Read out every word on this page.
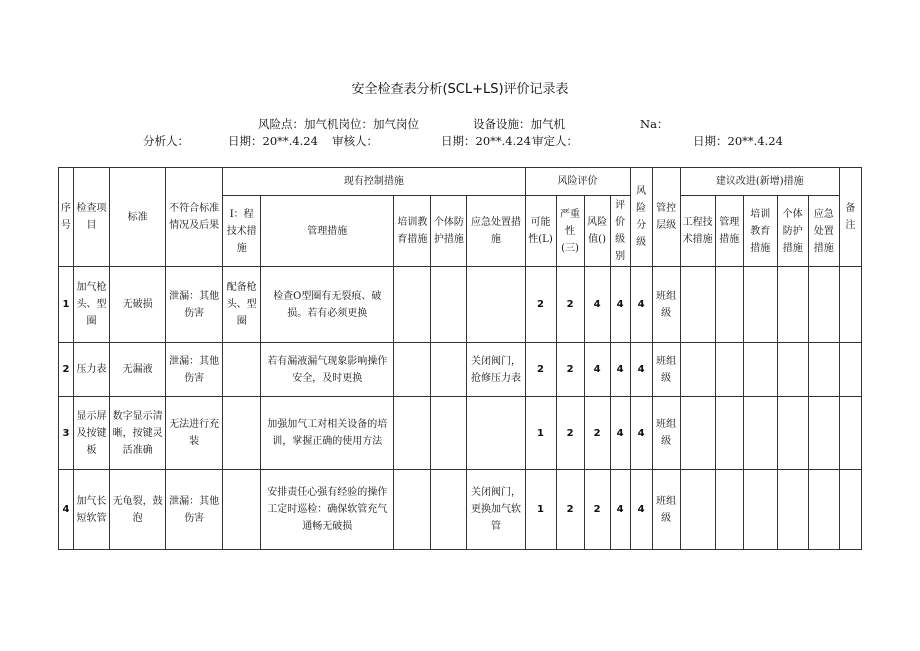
安全检查表分析(SCL+LS)评价记录表
风险点：加气机岗位：加气岗位	设备设施：加气机	Na：
分析人：	日期：20**.4.24 审核人：	日期：20**.4.24 审定人：	日期：20**.4.24
序号	检查项目	标准	不符合标准情况及后果	现有控制措施					风险评价				风险分级	管控层级	建议改进(新增)措施					备注
				I：程技术措施	管理措施	培训教育措施	个体防护措施	应急处置措施	可能性(L)	严重性(三)	风险值()	评价级别			工程技术措施	管理措施	培训教育措施	个体防护措施	应急处置措施	
1	加气枪头、型圈	无破损	泄漏：其他伤害	配备枪头、型圈	检查O型圈有无裂痕、破损。若有必须更换				2	2	4	4	4	班组级						
2	压力表	无漏液	泄漏：其他伤害		若有漏液漏气现象影响操作安全，及时更换			关闭阀门，抢修压力表	2	2	4	4	4	班组级						
3	显示屏及按键板	数字显示清晰，按键灵活准确	无法进行充装		加强加气工对相关设备的培训，掌握正确的使用方法				1	2	2	4	4	班组级						
4	加气长短软管	无龟裂，鼓泡	泄漏：其他伤害		安排责任心强有经验的操作工定时巡检：确保软管充气通畅无破损			关闭阀门，更换加气软管	1	2	2	4	4	班组级						
